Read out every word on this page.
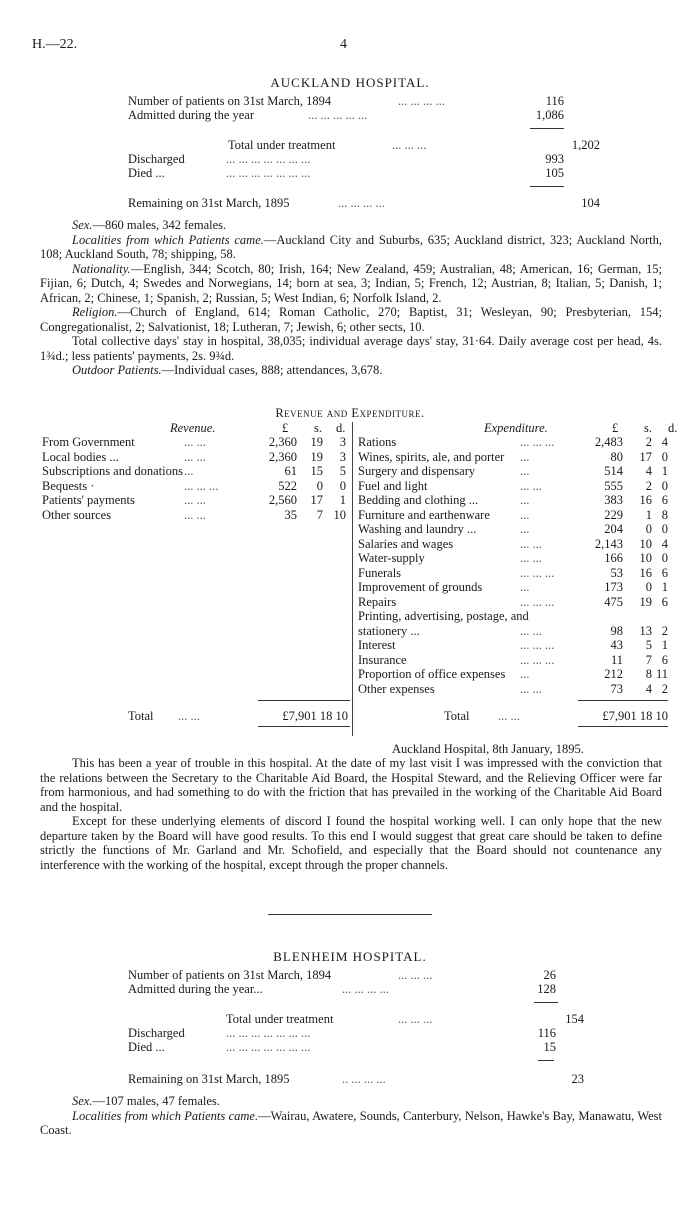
H.—22.	4
AUCKLAND HOSPITAL.
Number of patients on 31st March, 1894	... ... ... ...	116
Admitted during the year	... ... ... ... ...	1,086
Total under treatment	... ... ...	1,202
Discharged	... ... ... ... ... ... ...	993
Died ...	... ... ... ... ... ... ...	105
Remaining on 31st March, 1895	... ... ... ...	104

Sex.—860 males, 342 females.

Localities from which Patients came.—Auckland City and Suburbs, 635; Auckland district, 323; Auckland North, 108; Auckland South, 78; shipping, 58.

Nationality.—English, 344; Scotch, 80; Irish, 164; New Zealand, 459; Australian, 48; American, 16; German, 15; Fijian, 6; Dutch, 4; Swedes and Norwegians, 14; born at sea, 3; Indian, 5; French, 12; Austrian, 8; Italian, 5; Danish, 1; African, 2; Chinese, 1; Spanish, 2; Russian, 5; West Indian, 6; Norfolk Island, 2.

Religion.—Church of England, 614; Roman Catholic, 270; Baptist, 31; Wesleyan, 90; Presbyterian, 154; Congregationalist, 2; Salvationist, 18; Lutheran, 7; Jewish, 6; other sects, 10.

Total collective days' stay in hospital, 38,035; individual average days' stay, 31·64. Daily average cost per head, 4s. 1¾d.; less patients' payments, 2s. 9¾d.

Outdoor Patients.—Individual cases, 888; attendances, 3,678.

Revenue and Expenditure.
Revenue.	£ s. d.	Expenditure.	£ s. d.
From Government	... ...	2,360 19 3
Local bodies ...	... ...	2,360 19 3
Subscriptions and donations ...	61 15 5
Bequests ·	... ... ...	522 0 0
Patients' payments	... ...	2,560 17 1
Other sources	... ...	35 7 10
Rations	... ... ...	2,483 2 4
Wines, spirits, ale, and porter ...	80 17 0
Surgery and dispensary	...	514 4 1
Fuel and light	... ...	555 2 0
Bedding and clothing ...	...	383 16 6
Furniture and earthenware ...	229 1 8
Washing and laundry ...	...	204 0 0
Salaries and wages	... ...	2,143 10 4
Water-supply	... ...	166 10 0
Funerals	... ... ...	53 16 6
Improvement of grounds	...	173 0 1
Repairs	... ... ...	475 19 6
Printing, advertising, postage, and
stationery ...	... ...	98 13 2
Interest	... ... ...	43 5 1
Insurance	... ... ...	11 7 6
Proportion of office expenses ...	212 8 11
Other expenses	... ...	73 4 2
Total ... ...	£7,901 18 10	Total ... ...	£7,901 18 10
Auckland Hospital, 8th January, 1895.

This has been a year of trouble in this hospital. At the date of my last visit I was impressed with the conviction that the relations between the Secretary to the Charitable Aid Board, the Hospital Steward, and the Relieving Officer were far from harmonious, and had something to do with the friction that has prevailed in the working of the Charitable Aid Board and the hospital.

Except for these underlying elements of discord I found the hospital working well. I can only hope that the new departure taken by the Board will have good results. To this end I would suggest that great care should be taken to define strictly the functions of Mr. Garland and Mr. Schofield, and especially that the Board should not countenance any interference with the working of the hospital, except through the proper channels.

BLENHEIM HOSPITAL.
Number of patients on 31st March, 1894	... ... ...	26
Admitted during the year...	... ... ... ...	128
Total under treatment	... ... ...	154
Discharged	... ... ... ... ... ... ...	116
Died ...	... ... ... ... ... ... ...	15
Remaining on 31st March, 1895	.. ... ... ...	23

Sex.—107 males, 47 females.

Localities from which Patients came.—Wairau, Awatere, Sounds, Canterbury, Nelson, Hawke's Bay, Manawatu, West Coast.
